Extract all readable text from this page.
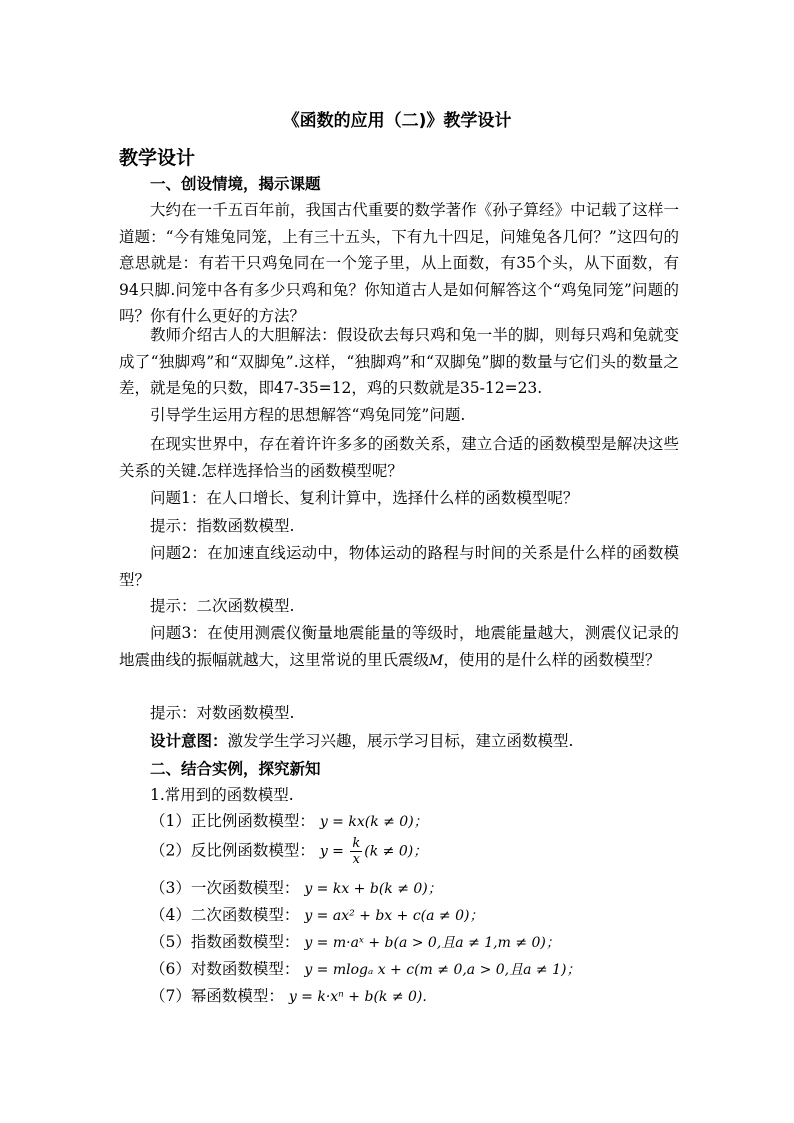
《函数的应用（二)》教学设计
教学设计
一、创设情境，揭示课题
大约在一千五百年前，我国古代重要的数学著作《孙子算经》中记载了这样一道题：“今有雉兔同笼，上有三十五头，下有九十四足，问雉兔各几何？”这四句的意思就是：有若干只鸡兔同在一个笼子里，从上面数，有35个头，从下面数，有94只脚.问笼中各有多少只鸡和兔？你知道古人是如何解答这个“鸡兔同笼”问题的吗？你有什么更好的方法？
教师介绍古人的大胆解法：假设砍去每只鸡和兔一半的脚，则每只鸡和兔就变成了“独脚鸡”和“双脚兔”.这样，“独脚鸡”和“双脚兔”脚的数量与它们头的数量之差，就是兔的只数，即47-35=12，鸡的只数就是35-12=23.
引导学生运用方程的思想解答“鸡兔同笼”问题.
在现实世界中，存在着许许多多的函数关系，建立合适的函数模型是解决这些关系的关键.怎样选择恰当的函数模型呢？
问题1：在人口增长、复利计算中，选择什么样的函数模型呢？
提示：指数函数模型.
问题2：在加速直线运动中，物体运动的路程与时间的关系是什么样的函数模型？
提示：二次函数模型.
问题3：在使用测震仪衡量地震能量的等级时，地震能量越大，测震仪记录的地震曲线的振幅就越大，这里常说的里氏震级M，使用的是什么样的函数模型？
提示：对数函数模型.
设计意图：激发学生学习兴趣，展示学习目标，建立函数模型.
二、结合实例，探究新知
1.常用到的函数模型.
（1）正比例函数模型： y = kx(k ≠ 0)；
（2）反比例函数模型： $y = \frac{k}{x} (k \ne 0)$；
（3）一次函数模型： y = kx + b(k ≠ 0)；
（4）二次函数模型： y = ax² + bx + c(a ≠ 0)；
（5）指数函数模型： y = m·aˣ + b(a > 0,且a ≠ 1,m ≠ 0)；
（6）对数函数模型： y = mlogₐ x + c(m ≠ 0,a > 0,且a ≠ 1)；
（7）幂函数模型： y = k·xⁿ + b(k ≠ 0).
